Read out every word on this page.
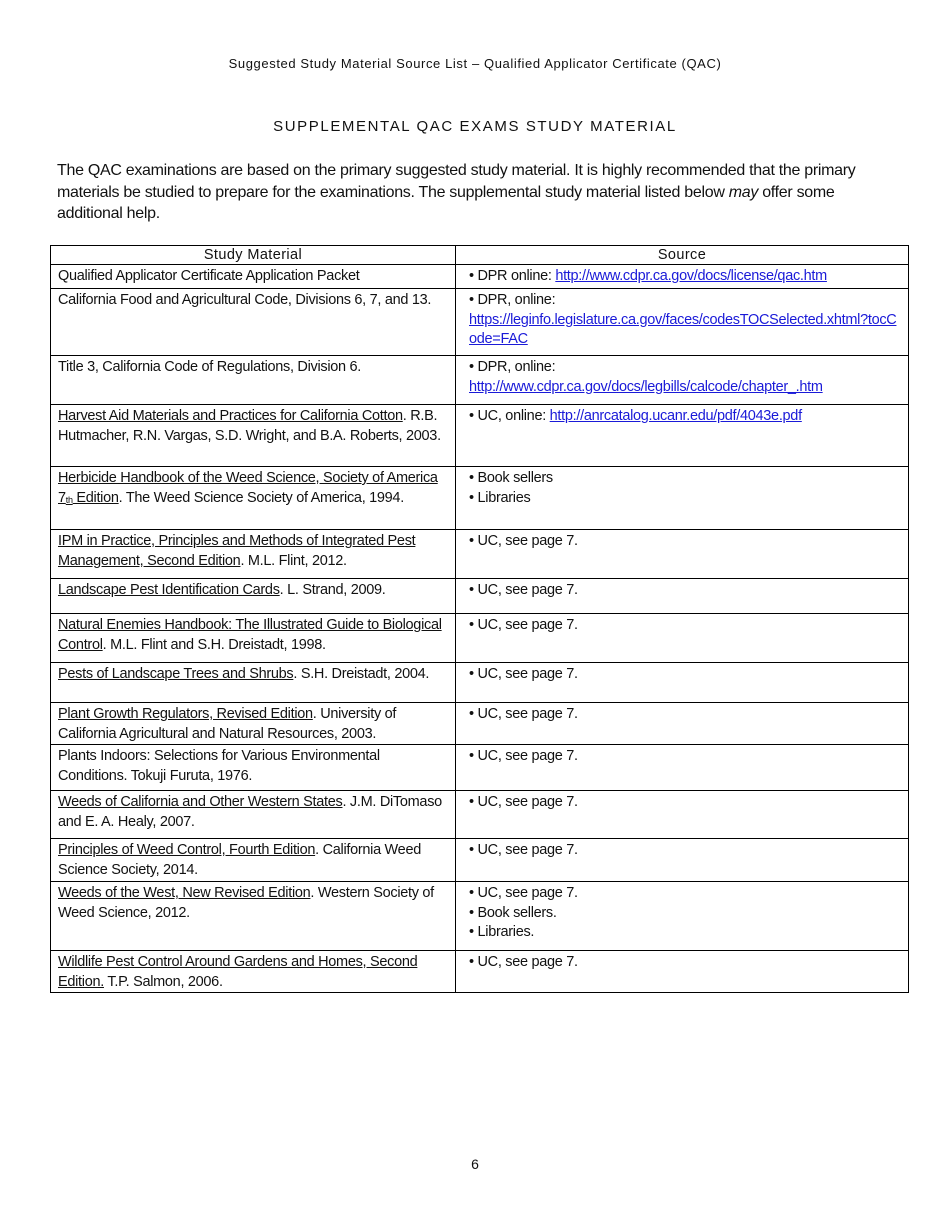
Suggested Study Material Source List – Qualified Applicator Certificate (QAC)
SUPPLEMENTAL QAC EXAMS STUDY MATERIAL

The QAC examinations are based on the primary suggested study material. It is highly recommended that the primary materials be studied to prepare for the examinations. The supplemental study material listed below may offer some additional help.

Study Material	Source
Qualified Applicator Certificate Application Packet	• DPR online: http://www.cdpr.ca.gov/docs/license/qac.htm

California Food and Agricultural Code, Divisions 6, 7, and 13.	• DPR, online:
https://leginfo.legislature.ca.gov/faces/codesTOCSelected.xhtml?tocCode=FAC

Title 3, California Code of Regulations, Division 6.	• DPR, online:
http://www.cdpr.ca.gov/docs/legbills/calcode/chapter_.htm

Harvest Aid Materials and Practices for California Cotton. R.B. Hutmacher, R.N. Vargas, S.D. Wright, and B.A. Roberts, 2003.	• UC, online: http://anrcatalog.ucanr.edu/pdf/4043e.pdf

Herbicide Handbook of the Weed Science, Society of America 7th Edition. The Weed Science Society of America, 1994.	• Book sellers
• Libraries

IPM in Practice, Principles and Methods of Integrated Pest Management, Second Edition. M.L. Flint, 2012.	• UC, see page 7.

Landscape Pest Identification Cards. L. Strand, 2009.	• UC, see page 7.

Natural Enemies Handbook: The Illustrated Guide to Biological Control. M.L. Flint and S.H. Dreistadt, 1998.	• UC, see page 7.

Pests of Landscape Trees and Shrubs. S.H. Dreistadt, 2004.	• UC, see page 7.

Plant Growth Regulators, Revised Edition. University of California Agricultural and Natural Resources, 2003.	• UC, see page 7.

Plants Indoors: Selections for Various Environmental Conditions. Tokuji Furuta, 1976.	• UC, see page 7.

Weeds of California and Other Western States. J.M. DiTomaso and E. A. Healy, 2007.	• UC, see page 7.

Principles of Weed Control, Fourth Edition. California Weed Science Society, 2014.	• UC, see page 7.

Weeds of the West, New Revised Edition. Western Society of Weed Science, 2012.	• UC, see page 7.
• Book sellers.
• Libraries.

Wildlife Pest Control Around Gardens and Homes, Second Edition. T.P. Salmon, 2006.	• UC, see page 7.
6
